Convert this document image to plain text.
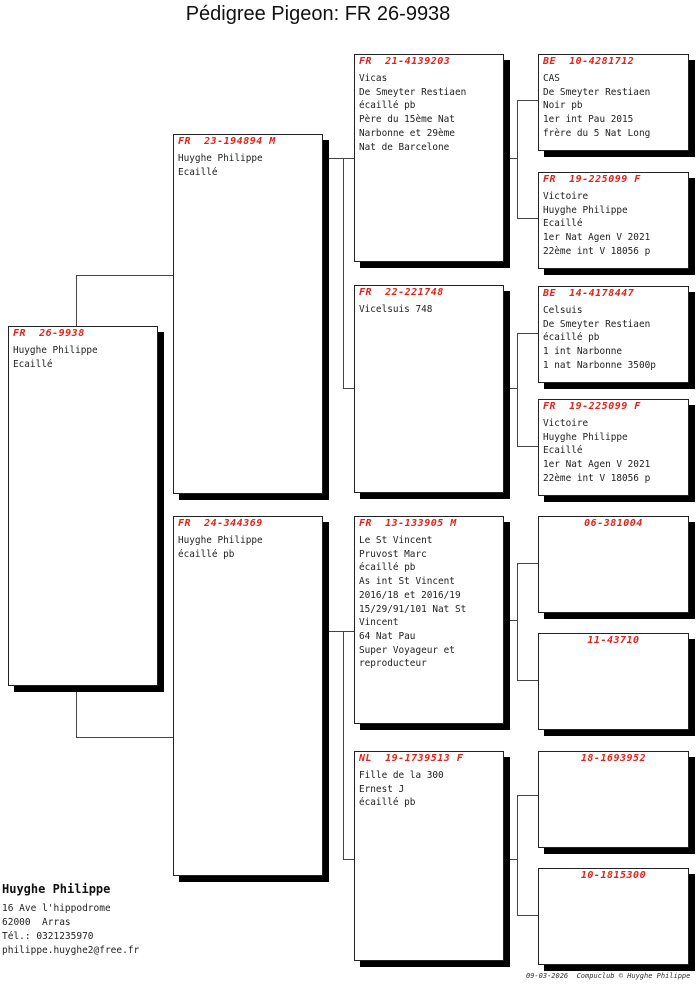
Pédigree Pigeon: FR 26-9938
FR  26-9938
Huyghe Philippe
Ecaillé
FR  23-194894 M
Huyghe Philippe
Ecaillé
FR  24-344369
Huyghe Philippe
écaillé pb
FR  21-4139203
Vicas
De Smeyter Restiaen
écaillé pb
Père du 15ème Nat
Narbonne et 29ème
Nat de Barcelone
FR  22-221748
Vicelsuis 748
FR  13-133905 M
Le St Vincent
Pruvost Marc
écaillé pb
As int St Vincent
2016/18 et 2016/19
15/29/91/101 Nat St
Vincent
64 Nat Pau
Super Voyageur et
reproducteur
NL  19-1739513 F
Fille de la 300
Ernest J
écaillé pb
BE  10-4281712
CAS
De Smeyter Restiaen
Noir pb
1er int Pau 2015
frère du 5 Nat Long
FR  19-225099 F
Victoire
Huyghe Philippe
Ecaillé
1er Nat Agen V 2021
22ème int V 18056 p
BE  14-4178447
Celsuis
De Smeyter Restiaen
écaillé pb
1 int Narbonne
1 nat Narbonne 3500p
FR  19-225099 F
Victoire
Huyghe Philippe
Ecaillé
1er Nat Agen V 2021
22ème int V 18056 p
06-381004
11-43710
18-1693952
10-1815300
Huyghe Philippe
16 Ave l'hippodrome
62000  Arras
Tél.: 0321235970
philippe.huyghe2@free.fr
09-03-2026  Compuclub © Huyghe Philippe
